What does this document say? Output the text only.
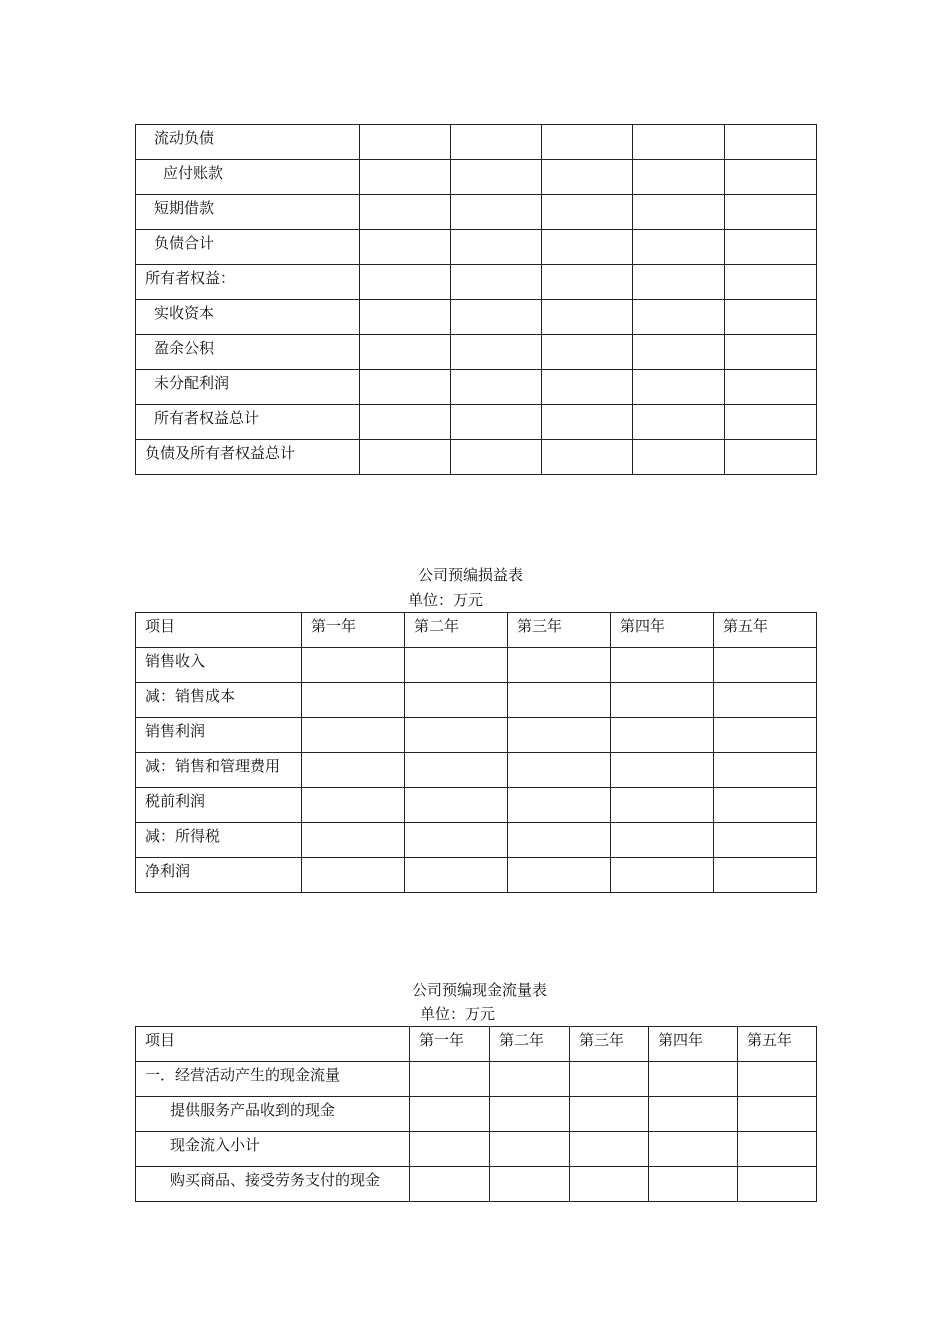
流动负债					
应付账款					
短期借款					
负债合计					
所有者权益：					
实收资本					
盈余公积					
未分配利润					
所有者权益总计					
负债及所有者权益总计					
公司预编损益表
单位：万元
项目	第一年	第二年	第三年	第四年	第五年
销售收入					
减：销售成本					
销售利润					
减：销售和管理费用					
税前利润					
减：所得税					
净利润					
公司预编现金流量表
单位：万元
项目	第一年	第二年	第三年	第四年	第五年
一．经营活动产生的现金流量					
提供服务产品收到的现金					
现金流入小计					
购买商品、接受劳务支付的现金					
